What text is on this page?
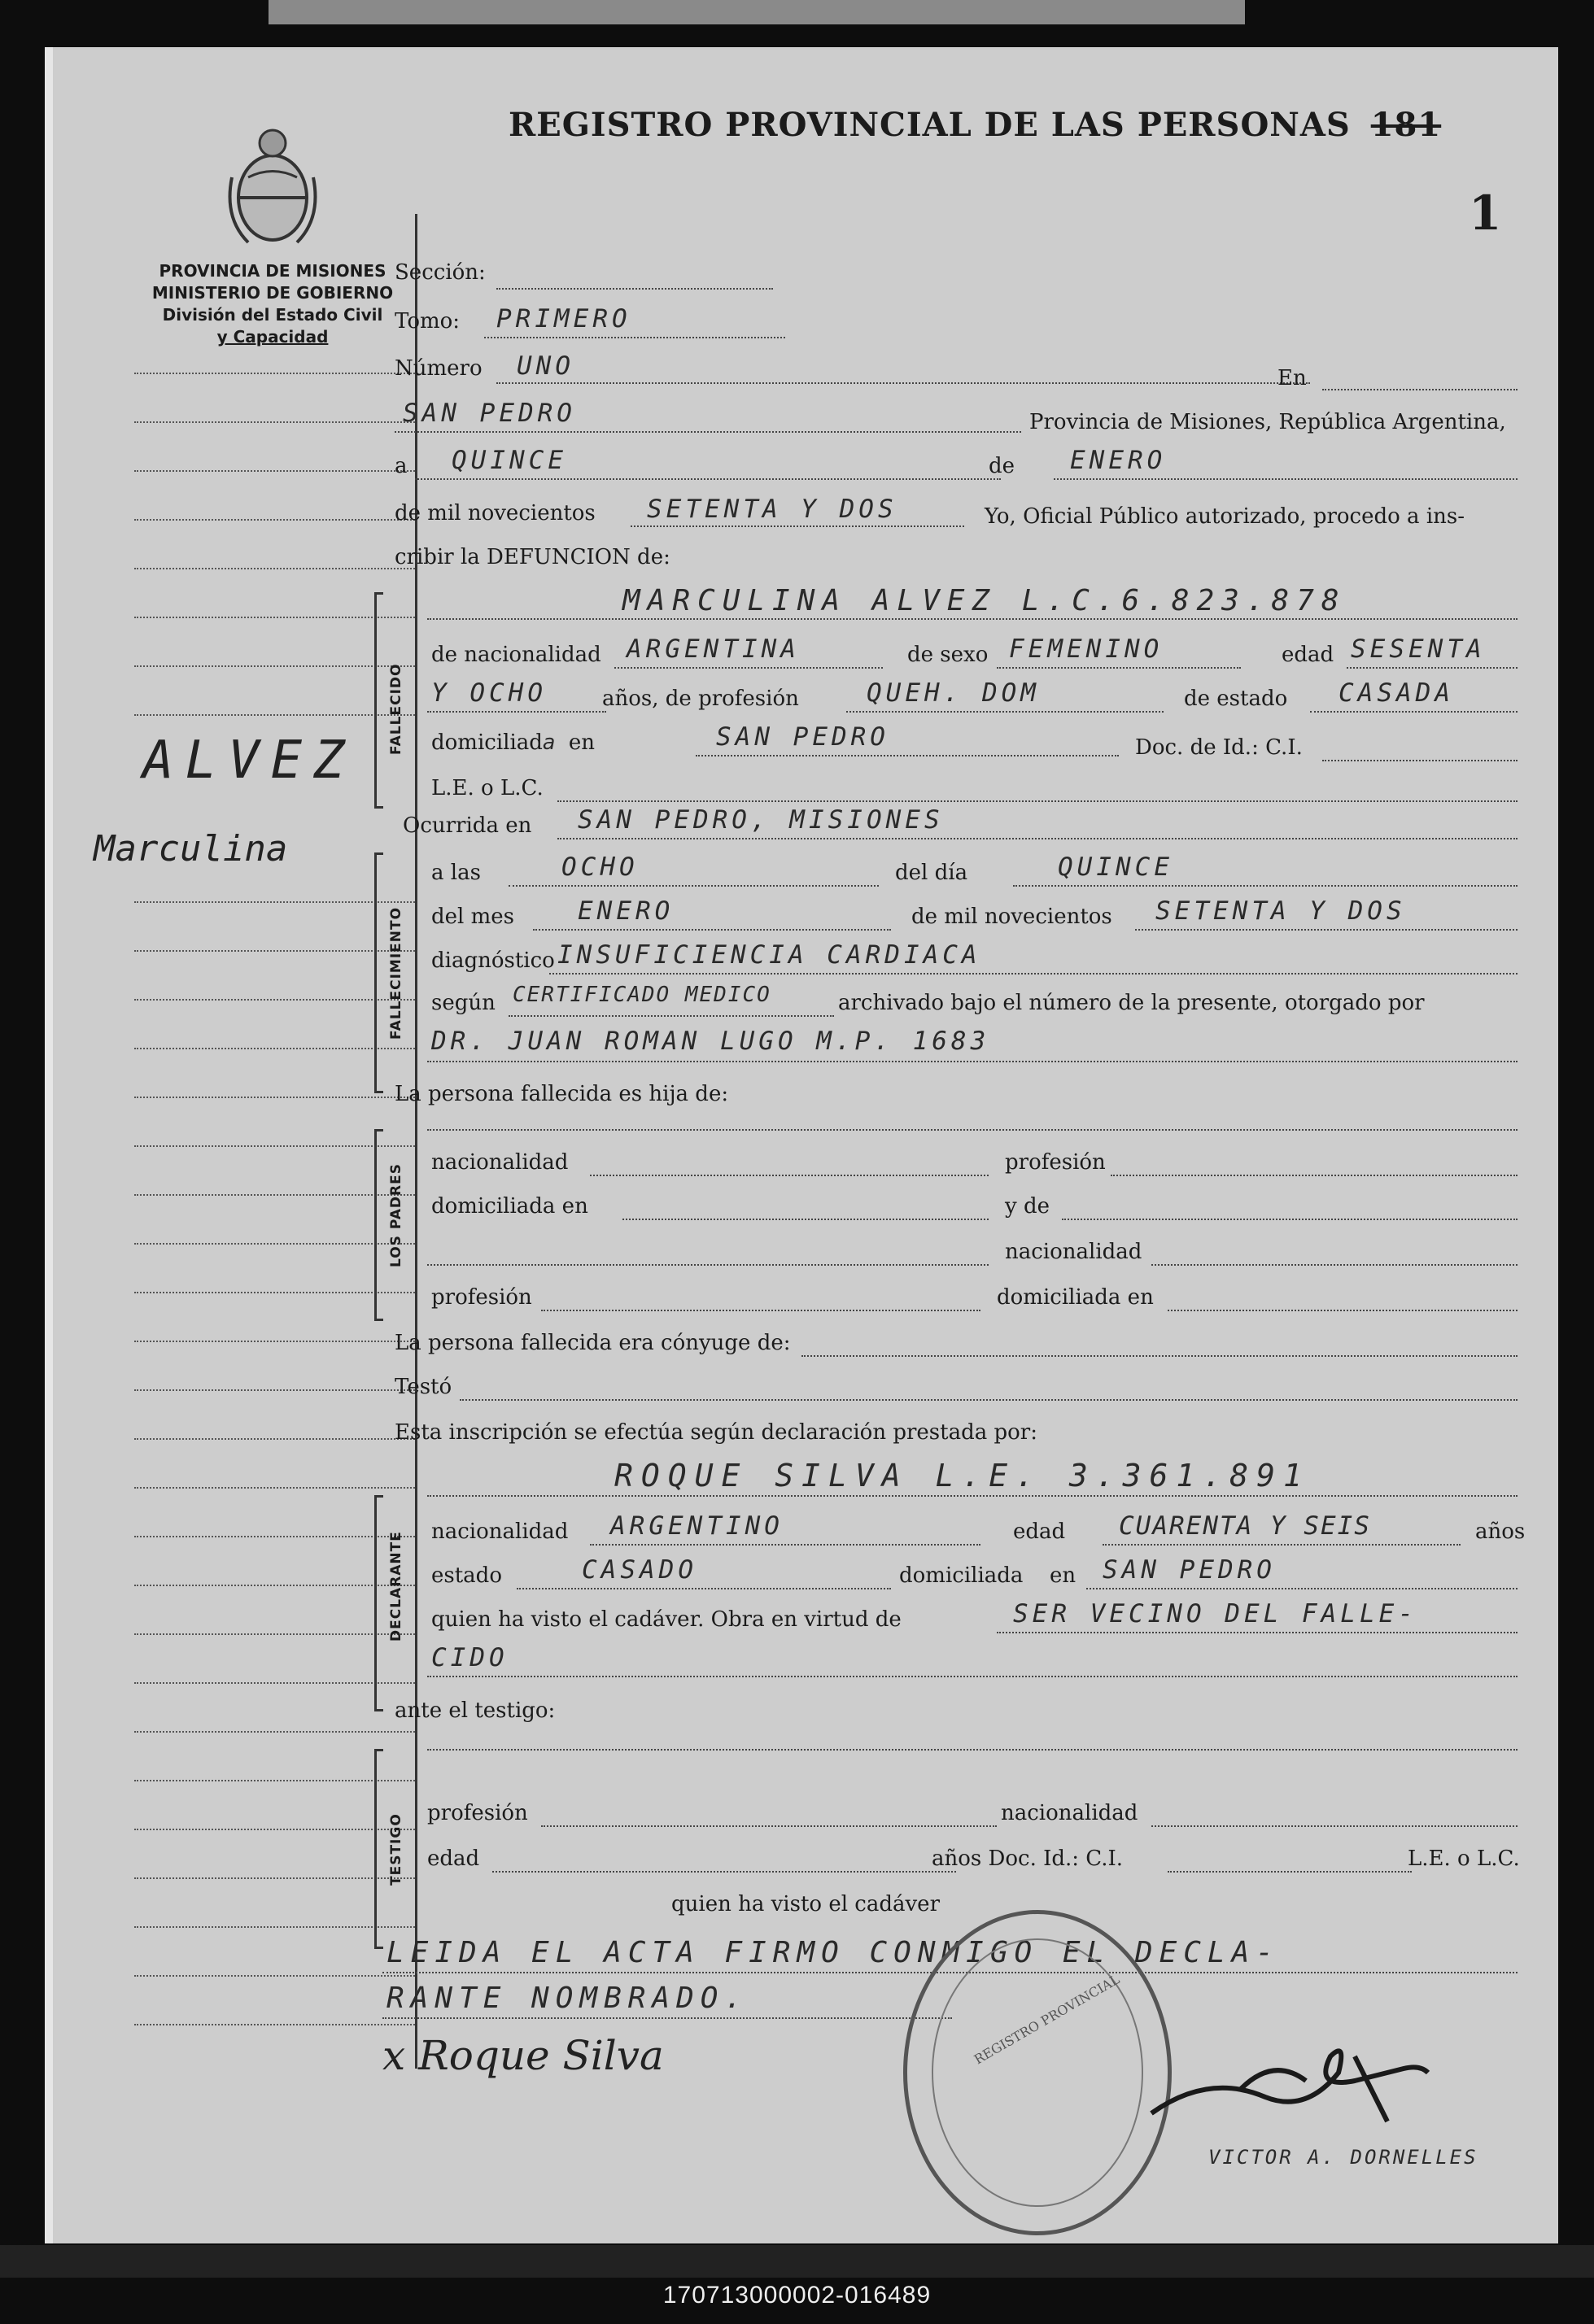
PROVINCIA DE MISIONES
MINISTERIO DE GOBIERNO
División del Estado Civil
y Capacidad
REGISTRO PROVINCIAL DE LAS PERSONAS 181
1
ALVEZ
Marculina
Sección:
Tomo: PRIMERO
Número UNO	En
SAN PEDRO	Provincia de Misiones, República Argentina,
a QUINCE	de ENERO
de mil novecientos SETENTA Y DOS	Yo, Oficial Público autorizado, procedo a ins-
cribir la DEFUNCION de:
FALLECIDO
MARCULINA ALVEZ L.C.6.823.878
de nacionalidad ARGENTINA	de sexo FEMENINO	edad SESENTA
Y OCHO	años, de profesión	QUEH. DOM	de estado CASADA
domiciliada en	SAN PEDRO	Doc. de Id.: C.I.
L.E. o L.C.
Ocurrida en SAN PEDRO, MISIONES
FALLECIMIENTO
a las	OCHO	del día	QUINCE
del mes	ENERO	de mil novecientos SETENTA Y DOS
diagnóstico INSUFICIENCIA CARDIACA
según CERTIFICADO MEDICO	archivado bajo el número de la presente, otorgado por
DR. JUAN ROMAN LUGO M.P. 1683
La persona fallecida es hija de:
LOS PADRES
nacionalidad	profesión
domiciliada en	y de
nacionalidad
profesión	domiciliada en
La persona fallecida era cónyuge de:
Testó
Esta inscripción se efectúa según declaración prestada por:
ROQUE SILVA L.E. 3.361.891
DECLARANTE nacionalidad ARGENTINO	edad CUARENTA Y SEIS	años
estado	CASADO	domiciliada en SAN PEDRO
quien ha visto el cadáver. Obra en virtud de	SER VECINO DEL FALLE-
CIDO
ante el testigo:
TESTIGO
profesión	nacionalidad
edad	años Doc. Id.: C.I.	L.E. o L.C.
quien ha visto el cadáver
LEIDA EL ACTA FIRMO CONMIGO EL DECLA-
RANTE NOMBRADO.
x Roque Silva	REGISTRO PROVINCIAL
VICTOR A. DORNELLES
170713000002-016489
